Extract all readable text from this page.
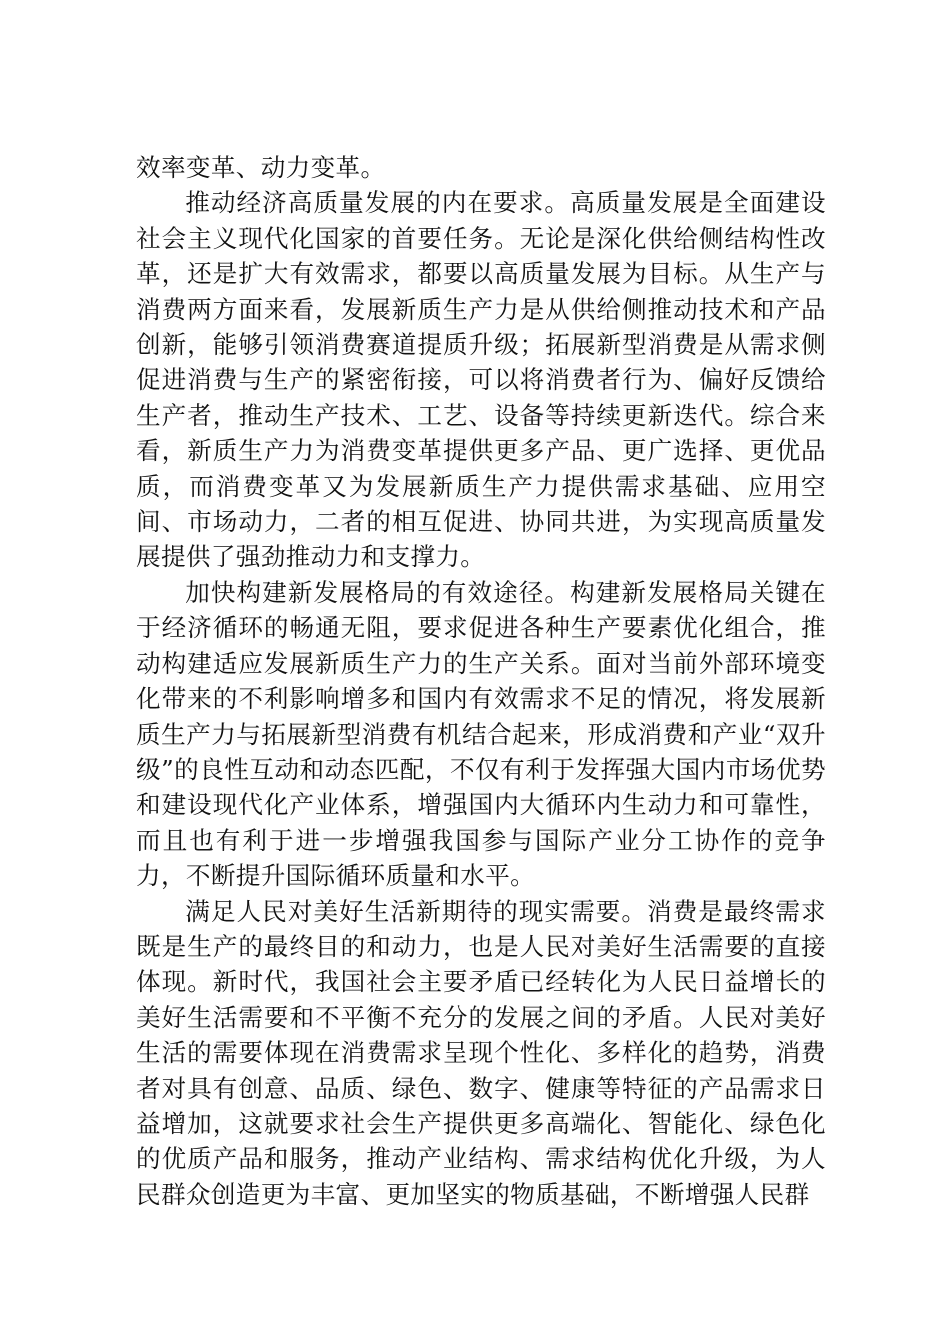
效率变革、动力变革。

推动经济高质量发展的内在要求。高质量发展是全面建设社会主义现代化国家的首要任务。无论是深化供给侧结构性改革，还是扩大有效需求，都要以高质量发展为目标。从生产与消费两方面来看，发展新质生产力是从供给侧推动技术和产品创新，能够引领消费赛道提质升级；拓展新型消费是从需求侧促进消费与生产的紧密衔接，可以将消费者行为、偏好反馈给生产者，推动生产技术、工艺、设备等持续更新迭代。综合来看，新质生产力为消费变革提供更多产品、更广选择、更优品质，而消费变革又为发展新质生产力提供需求基础、应用空间、市场动力，二者的相互促进、协同共进，为实现高质量发展提供了强劲推动力和支撑力。

加快构建新发展格局的有效途径。构建新发展格局关键在于经济循环的畅通无阻，要求促进各种生产要素优化组合，推动构建适应发展新质生产力的生产关系。面对当前外部环境变化带来的不利影响增多和国内有效需求不足的情况，将发展新质生产力与拓展新型消费有机结合起来，形成消费和产业“双升级”的良性互动和动态匹配，不仅有利于发挥强大国内市场优势和建设现代化产业体系，增强国内大循环内生动力和可靠性，而且也有利于进一步增强我国参与国际产业分工协作的竞争力，不断提升国际循环质量和水平。

满足人民对美好生活新期待的现实需要。消费是最终需求既是生产的最终目的和动力，也是人民对美好生活需要的直接体现。新时代，我国社会主要矛盾已经转化为人民日益增长的美好生活需要和不平衡不充分的发展之间的矛盾。人民对美好生活的需要体现在消费需求呈现个性化、多样化的趋势，消费者对具有创意、品质、绿色、数字、健康等特征的产品需求日益增加，这就要求社会生产提供更多高端化、智能化、绿色化的优质产品和服务，推动产业结构、需求结构优化升级，为人民群众创造更为丰富、更加坚实的物质基础，不断增强人民群
